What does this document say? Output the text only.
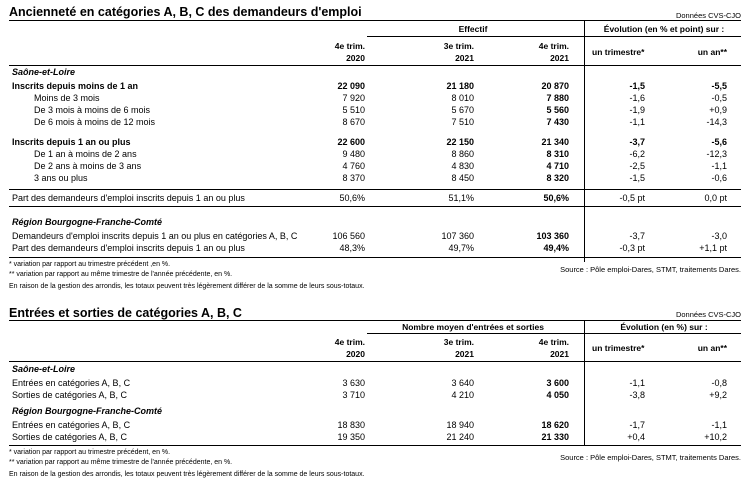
Ancienneté en catégories A, B, C des demandeurs d'emploi	Données CVS-CJO
Effectif	Évolution (en % et point) sur :
4e trim.
2020
3e trim.
2021
4e trim.
2021
un trimestre*	un an**
Saône-et-Loire
Inscrits depuis moins de 1 an	22 090	21 180	20 870	-1,5	-5,5
Moins de 3 mois	7 920	8 010	7 880	-1,6	-0,5
De 3 mois à moins de 6 mois	5 510	5 670	5 560	-1,9	+0,9
De 6 mois à moins de 12 mois	8 670	7 510	7 430	-1,1	-14,3
Inscrits depuis 1 an ou plus	22 600	22 150	21 340	-3,7	-5,6
De 1 an à moins de 2 ans	9 480	8 860	8 310	-6,2	-12,3
De 2 ans à moins de 3 ans	4 760	4 830	4 710	-2,5	-1,1
3 ans ou plus	8 370	8 450	8 320	-1,5	-0,6
Part des demandeurs d'emploi inscrits depuis 1 an ou plus	50,6%	51,1%	50,6%	-0,5 pt	0,0 pt
Région Bourgogne-Franche-Comté
Demandeurs d'emploi inscrits depuis 1 an ou plus en catégories A, B, C	106 560	107 360	103 360	-3,7	-3,0
Part des demandeurs d'emploi inscrits depuis 1 an ou plus	48,3%	49,7%	49,4%	-0,3 pt	+1,1 pt
* variation par rapport au trimestre précédent ,en %.
** variation par rapport au même trimestre de l'année précédente, en %.
En raison de la gestion des arrondis, les totaux peuvent très légèrement différer de la somme de leurs sous-totaux.
Source : Pôle emploi-Dares, STMT, traitements Dares.
Entrées et sorties de catégories A, B, C	Données CVS-CJO
Nombre moyen d'entrées et sorties	Évolution (en %) sur :
4e trim.
2020
3e trim.
2021
4e trim.
2021
un trimestre*	un an**
Saône-et-Loire
Entrées en catégories A, B, C	3 630	3 640	3 600	-1,1	-0,8
Sorties de catégories A, B, C	3 710	4 210	4 050	-3,8	+9,2
Région Bourgogne-Franche-Comté
Entrées en catégories A, B, C	18 830	18 940	18 620	-1,7	-1,1
Sorties de catégories A, B, C	19 350	21 240	21 330	+0,4	+10,2
* variation par rapport au trimestre précédent, en %.
** variation par rapport au même trimestre de l'année précédente, en %.
En raison de la gestion des arrondis, les totaux peuvent très légèrement différer de la somme de leurs sous-totaux.
Source : Pôle emploi-Dares, STMT, traitements Dares.
